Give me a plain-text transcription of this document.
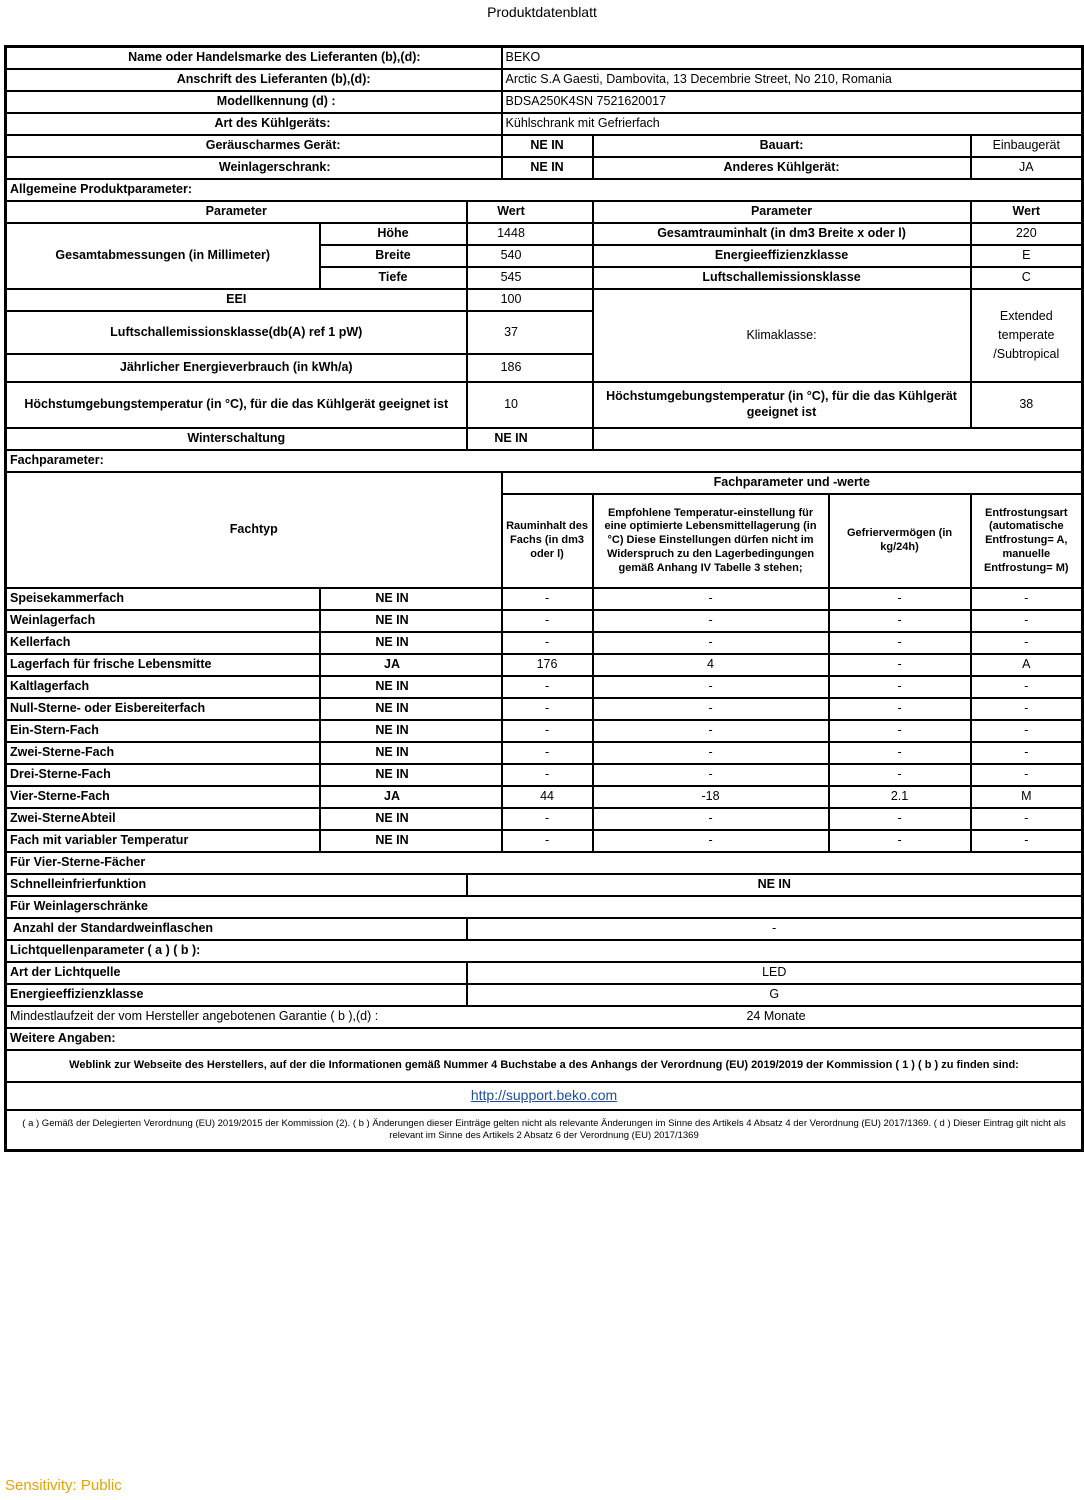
Produktdatenblatt
Name oder Handelsmarke des Lieferanten (b),(d):			BEKO			
Anschrift des Lieferanten (b),(d):			Arctic S.A Gaesti, Dambovita, 13 Decembrie Street, No 210, Romania			
Modellkennung (d) :			BDSA250K4SN 7521620017			
Art des Kühlgeräts:			Kühlschrank mit Gefrierfach			
Geräuscharmes Gerät:			NE IN	Bauart:		Einbaugerät
Weinlagerschrank:			NE IN	Anderes Kühlgerät:		JA
Allgemeine Produktparameter:						
Parameter		Wert		Parameter		Wert
Gesamtabmessungen (in Millimeter)	Höhe	1448		Gesamtrauminhalt (in dm3 Breite x oder l)		220
	Breite	540		Energieeffizienzklasse		E
	Tiefe	545		Luftschallemissionsklasse		C
EEI		100		Klimaklasse:		Extended temperate /Subtropical
Luftschallemissionsklasse(db(A) ref 1 pW)		37				
Jährlicher Energieverbrauch (in kWh/a)		186				
Höchstumgebungstemperatur (in °C), für die das Kühlgerät geeignet ist		10		Höchstumgebungstemperatur (in °C), für die das Kühlgerät geeignet ist		38
Winterschaltung		NE IN				
Fachparameter:						
Fachtyp			Fachparameter und -werte			
			Rauminhalt des Fachs (in dm3 oder l)	Empfohlene Temperatur-einstellung für eine optimierte Lebensmittellagerung (in °C) Diese Einstellungen dürfen nicht im Widerspruch zu den Lagerbedingungen gemäß Anhang IV Tabelle 3 stehen;	Gefriervermögen (in kg/24h)	Entfrostungsart (automatische Entfrostung= A, manuelle Entfrostung= M)
Speisekammerfach	NE IN		-	-	-	-
Weinlagerfach	NE IN		-	-	-	-
Kellerfach	NE IN		-	-	-	-
Lagerfach für frische Lebensmitte	JA		176	4	-	A
Kaltlagerfach	NE IN		-	-	-	-
Null-Sterne- oder Eisbereiterfach	NE IN		-	-	-	-
Ein-Stern-Fach	NE IN		-	-	-	-
Zwei-Sterne-Fach	NE IN		-	-	-	-
Drei-Sterne-Fach	NE IN		-	-	-	-
Vier-Sterne-Fach	JA		44	-18	2.1	M
Zwei-SterneAbteil	NE IN		-	-	-	-
Fach mit variabler Temperatur	NE IN		-	-	-	-
Für Vier-Sterne-Fächer						
Schnelleinfrierfunktion		NE IN				
Für Weinlagerschränke						
Anzahl der Standardweinflaschen		-				
Lichtquellenparameter ( a ) ( b ):						
Art der Lichtquelle		LED				
Energieeffizienzklasse		G				

Mindestlaufzeit der vom Hersteller angebotenen Garantie ( b ),(d) : 24 Monate						

Weitere Angaben:						
Weblink zur Webseite des Herstellers, auf der die Informationen gemäß Nummer 4 Buchstabe a des Anhangs der Verordnung (EU) 2019/2019 der Kommission ( 1 ) ( b ) zu finden sind:						
http://support.beko.com						
( a ) Gemäß der Delegierten Verordnung (EU) 2019/2015 der Kommission (2). ( b ) Änderungen dieser Einträge gelten nicht als relevante Änderungen im Sinne des Artikels 4 Absatz 4 der Verordnung (EU) 2017/1369. ( d ) Dieser Eintrag gilt nicht als relevant im Sinne des Artikels 2 Absatz 6 der Verordnung (EU) 2017/1369						
Sensitivity: Public
